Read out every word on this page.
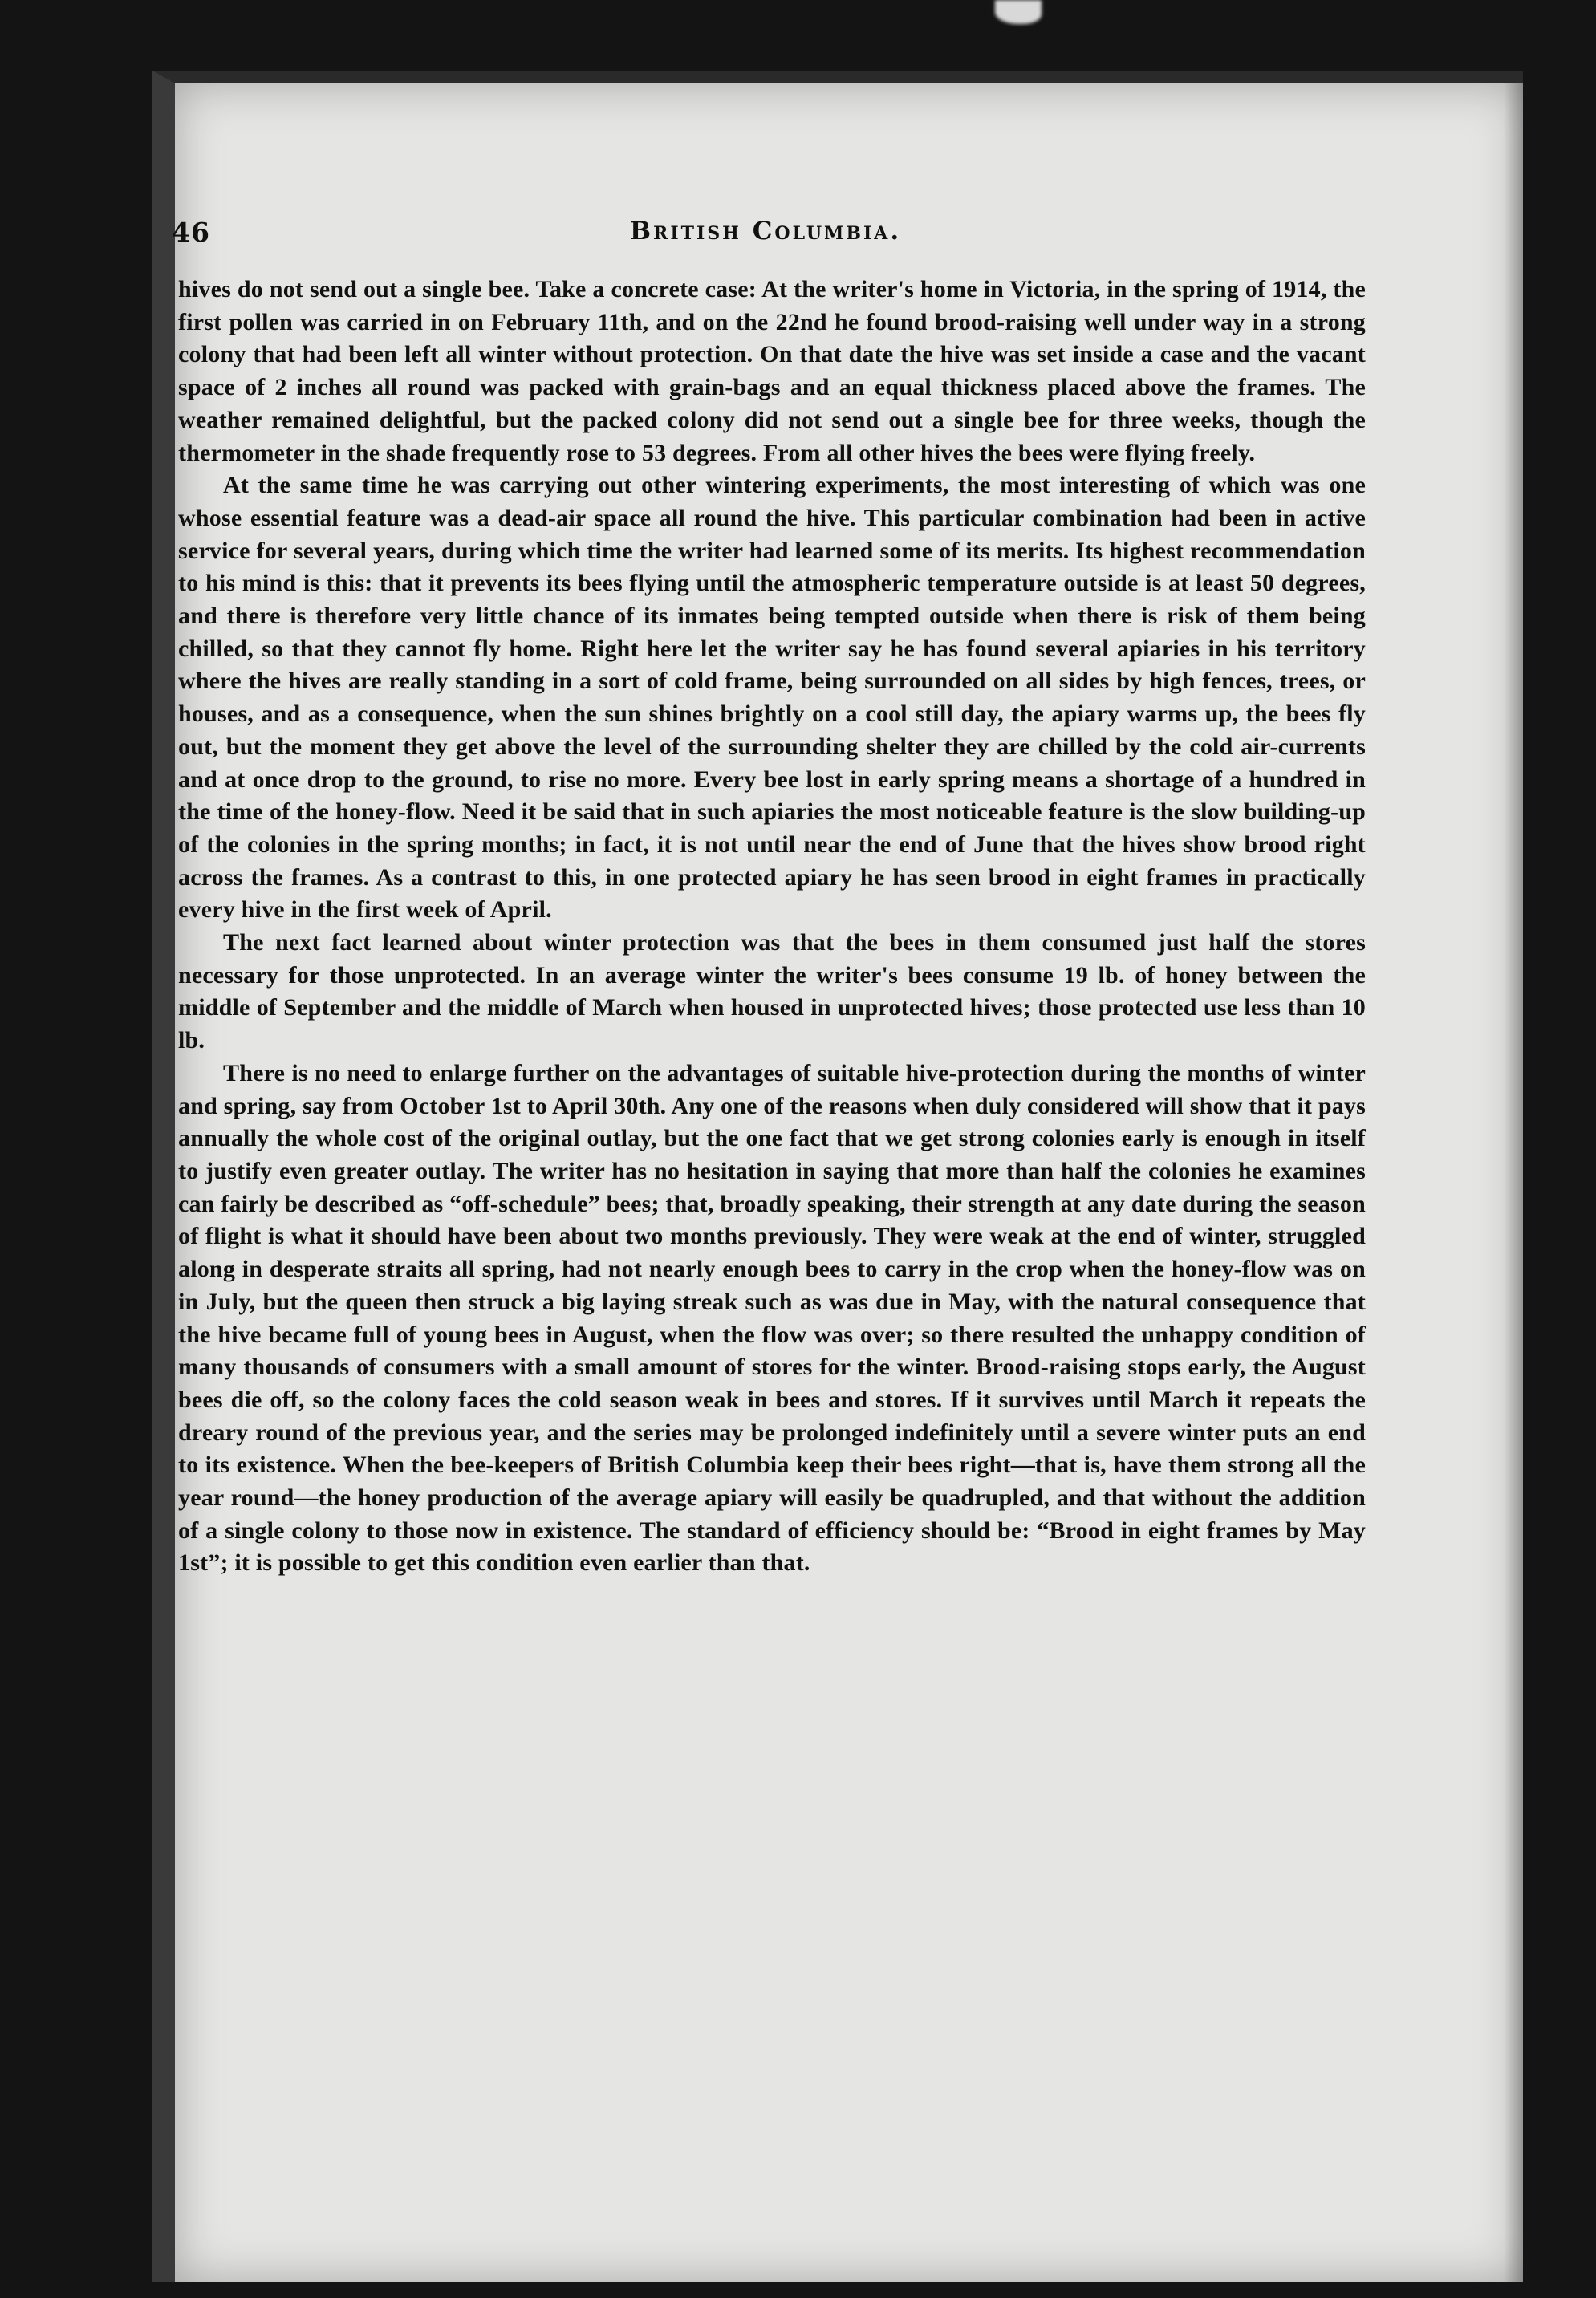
46	British Columbia.

hives do not send out a single bee. Take a concrete case: At the writer's home in Victoria, in the spring of 1914, the first pollen was carried in on February 11th, and on the 22nd he found brood-raising well under way in a strong colony that had been left all winter without protection. On that date the hive was set inside a case and the vacant space of 2 inches all round was packed with grain-bags and an equal thickness placed above the frames. The weather remained delightful, but the packed colony did not send out a single bee for three weeks, though the thermometer in the shade frequently rose to 53 degrees. From all other hives the bees were flying freely.

At the same time he was carrying out other wintering experiments, the most interesting of which was one whose essential feature was a dead-air space all round the hive. This particular combination had been in active service for several years, during which time the writer had learned some of its merits. Its highest recommendation to his mind is this: that it prevents its bees flying until the atmospheric temperature outside is at least 50 degrees, and there is therefore very little chance of its inmates being tempted outside when there is risk of them being chilled, so that they cannot fly home. Right here let the writer say he has found several apiaries in his territory where the hives are really standing in a sort of cold frame, being surrounded on all sides by high fences, trees, or houses, and as a consequence, when the sun shines brightly on a cool still day, the apiary warms up, the bees fly out, but the moment they get above the level of the surrounding shelter they are chilled by the cold air-currents and at once drop to the ground, to rise no more. Every bee lost in early spring means a shortage of a hundred in the time of the honey-flow. Need it be said that in such apiaries the most noticeable feature is the slow building-up of the colonies in the spring months; in fact, it is not until near the end of June that the hives show brood right across the frames. As a contrast to this, in one protected apiary he has seen brood in eight frames in practically every hive in the first week of April.

The next fact learned about winter protection was that the bees in them consumed just half the stores necessary for those unprotected. In an average winter the writer's bees consume 19 lb. of honey between the middle of September and the middle of March when housed in unprotected hives; those protected use less than 10 lb.

There is no need to enlarge further on the advantages of suitable hive-protection during the months of winter and spring, say from October 1st to April 30th. Any one of the reasons when duly considered will show that it pays annually the whole cost of the original outlay, but the one fact that we get strong colonies early is enough in itself to justify even greater outlay. The writer has no hesitation in saying that more than half the colonies he examines can fairly be described as “off-schedule” bees; that, broadly speaking, their strength at any date during the season of flight is what it should have been about two months previously. They were weak at the end of winter, struggled along in desperate straits all spring, had not nearly enough bees to carry in the crop when the honey-flow was on in July, but the queen then struck a big laying streak such as was due in May, with the natural consequence that the hive became full of young bees in August, when the flow was over; so there resulted the unhappy condition of many thousands of consumers with a small amount of stores for the winter. Brood-raising stops early, the August bees die off, so the colony faces the cold season weak in bees and stores. If it survives until March it repeats the dreary round of the previous year, and the series may be prolonged indefinitely until a severe winter puts an end to its existence. When the bee-keepers of British Columbia keep their bees right—that is, have them strong all the year round—the honey production of the average apiary will easily be quadrupled, and that without the addition of a single colony to those now in existence. The standard of efficiency should be: “Brood in eight frames by May 1st”; it is possible to get this condition even earlier than that.
